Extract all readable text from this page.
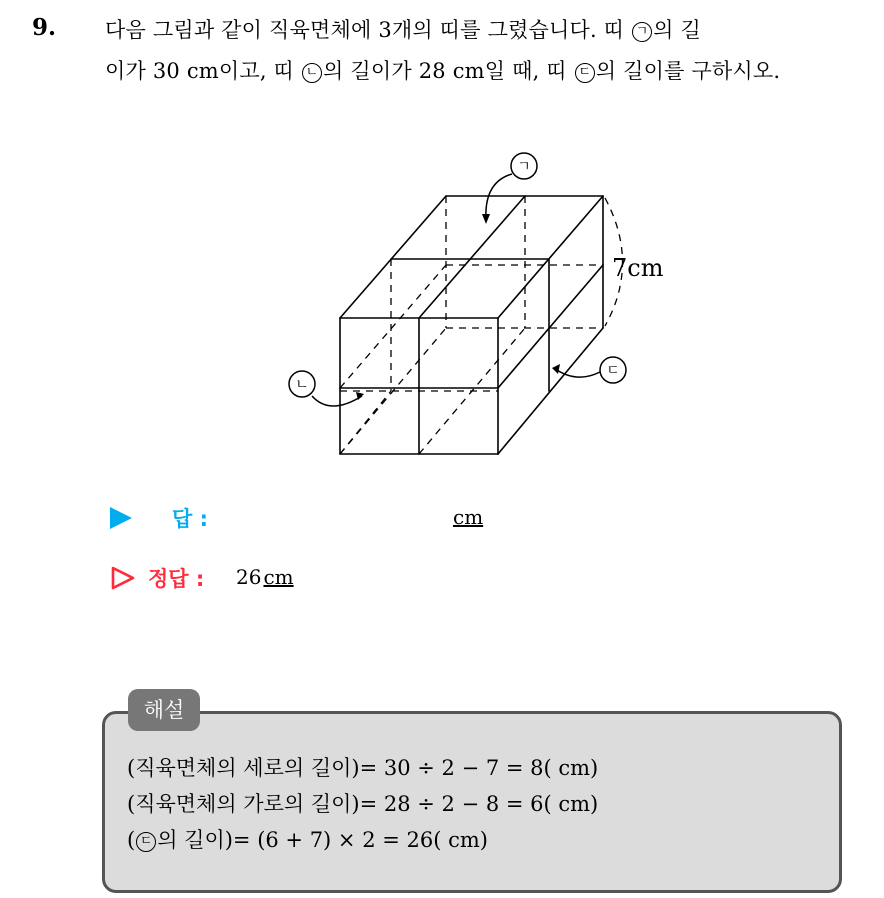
9. 다음 그림과 같이 직육면체에 3개의 띠를 그렸습니다. 띠 ㄱ 의 길
이가 30 cm이고, 띠 ㄴ 의 길이가 28 cm일 때, 띠 ㄷ 의 길이를 구하시오.
ㄱ
ㄴ
ㄷ
7cm
답 :	cm
정답 : 26 cm
해설
(직육면체의 세로의 길이)= 30 ÷ 2 − 7 = 8( cm)
(직육면체의 가로의 길이)= 28 ÷ 2 − 8 = 6( cm)
( ㄷ 의 길이)= (6 + 7) × 2 = 26( cm)
